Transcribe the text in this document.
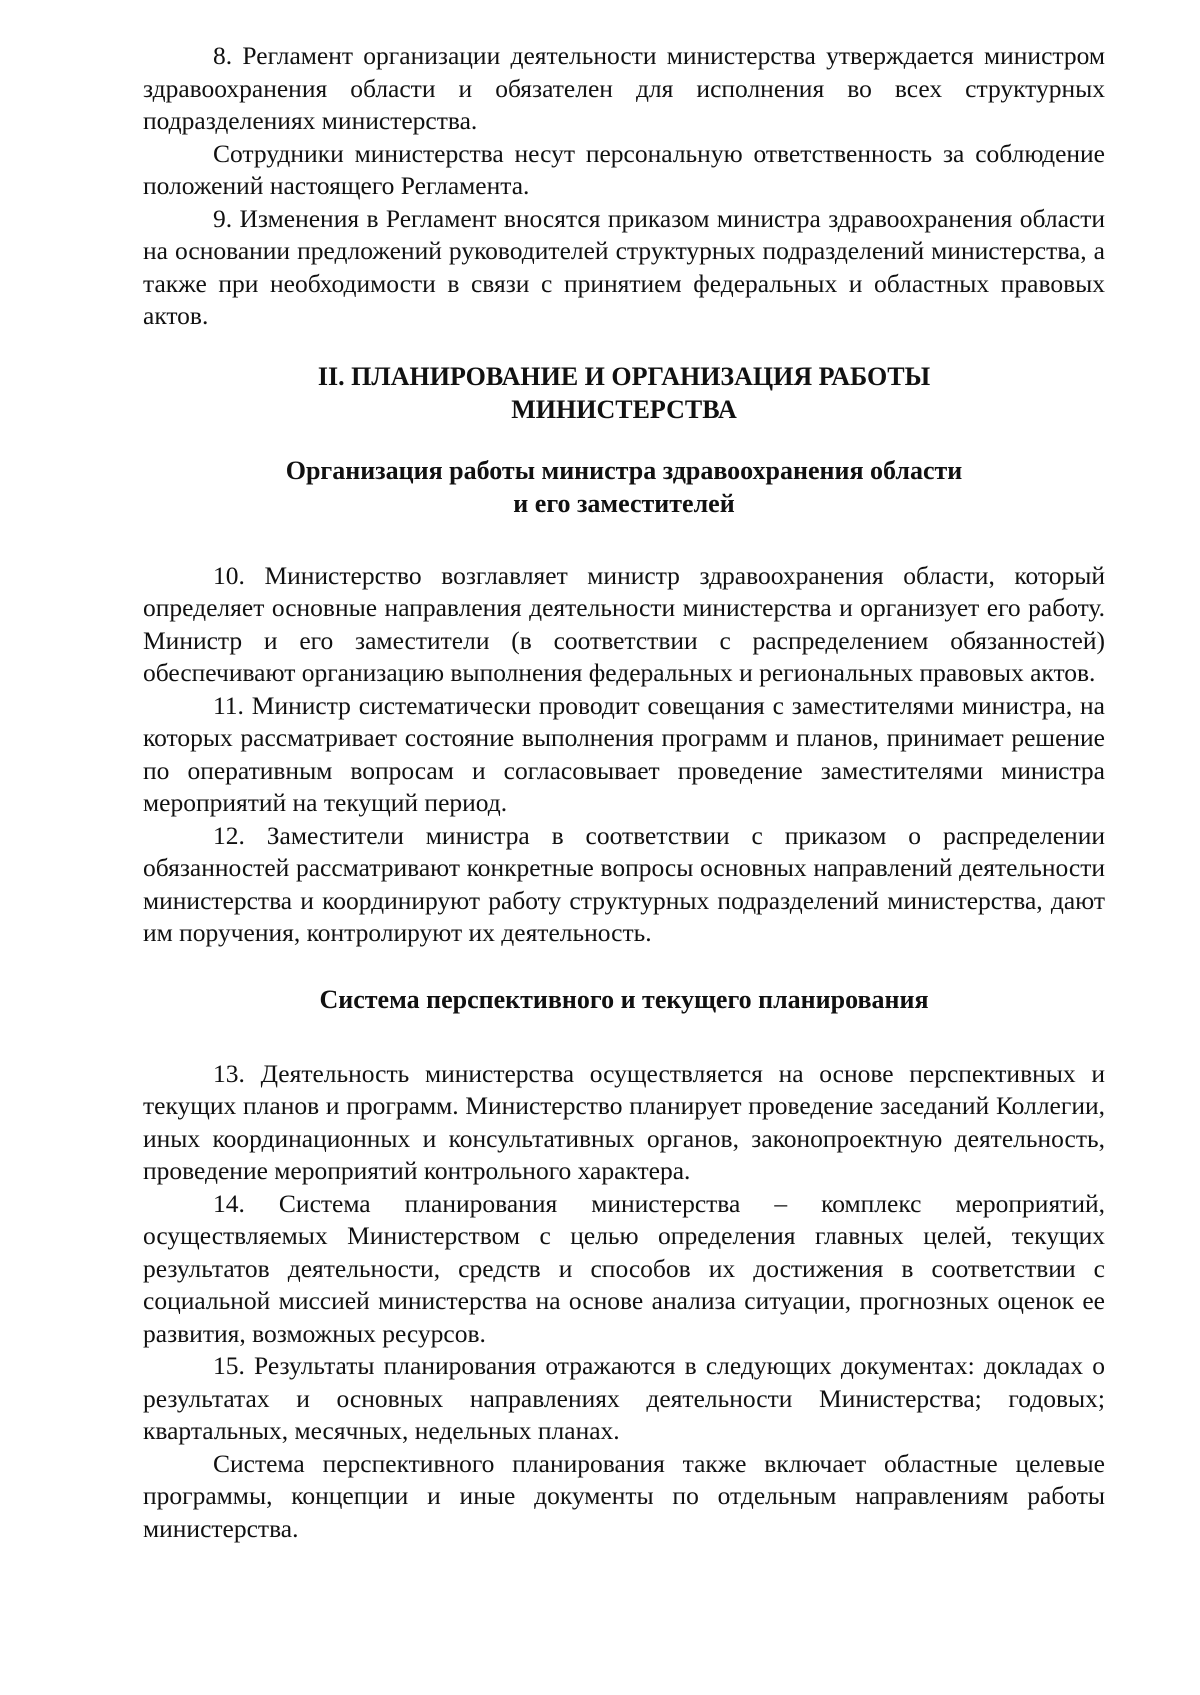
8. Регламент организации деятельности министерства утверждается министром здравоохранения области и обязателен для исполнения во всех структурных подразделениях министерства.

Сотрудники министерства несут персональную ответственность за соблюдение положений настоящего Регламента.

9. Изменения в Регламент вносятся приказом министра здравоохранения области на основании предложений руководителей структурных подразделений министерства, а также при необходимости в связи с принятием федеральных и областных правовых актов.

II. ПЛАНИРОВАНИЕ И ОРГАНИЗАЦИЯ РАБОТЫ
МИНИСТЕРСТВА
Организация работы министра здравоохранения области
и его заместителей

10. Министерство возглавляет министр здравоохранения области, который определяет основные направления деятельности министерства и организует его работу. Министр и его заместители (в соответствии с распределением обязанностей) обеспечивают организацию выполнения федеральных и региональных правовых актов.

11. Министр систематически проводит совещания с заместителями министра, на которых рассматривает состояние выполнения программ и планов, принимает решение по оперативным вопросам и согласовывает проведение заместителями министра мероприятий на текущий период.

12. Заместители министра в соответствии с приказом о распределении обязанностей рассматривают конкретные вопросы основных направлений деятельности министерства и координируют работу структурных подразделений министерства, дают им поручения, контролируют их деятельность.

Система перспективного и текущего планирования

13. Деятельность министерства осуществляется на основе перспективных и текущих планов и программ. Министерство планирует проведение заседаний Коллегии, иных координационных и консультативных органов, законопроектную деятельность, проведение мероприятий контрольного характера.

14. Система планирования министерства – комплекс мероприятий, осуществляемых Министерством с целью определения главных целей, текущих результатов деятельности, средств и способов их достижения в соответствии с социальной миссией министерства на основе анализа ситуации, прогнозных оценок ее развития, возможных ресурсов.

15. Результаты планирования отражаются в следующих документах: докладах о результатах и основных направлениях деятельности Министерства; годовых; квартальных, месячных, недельных планах.

Система перспективного планирования также включает областные целевые программы, концепции и иные документы по отдельным направлениям работы министерства.
